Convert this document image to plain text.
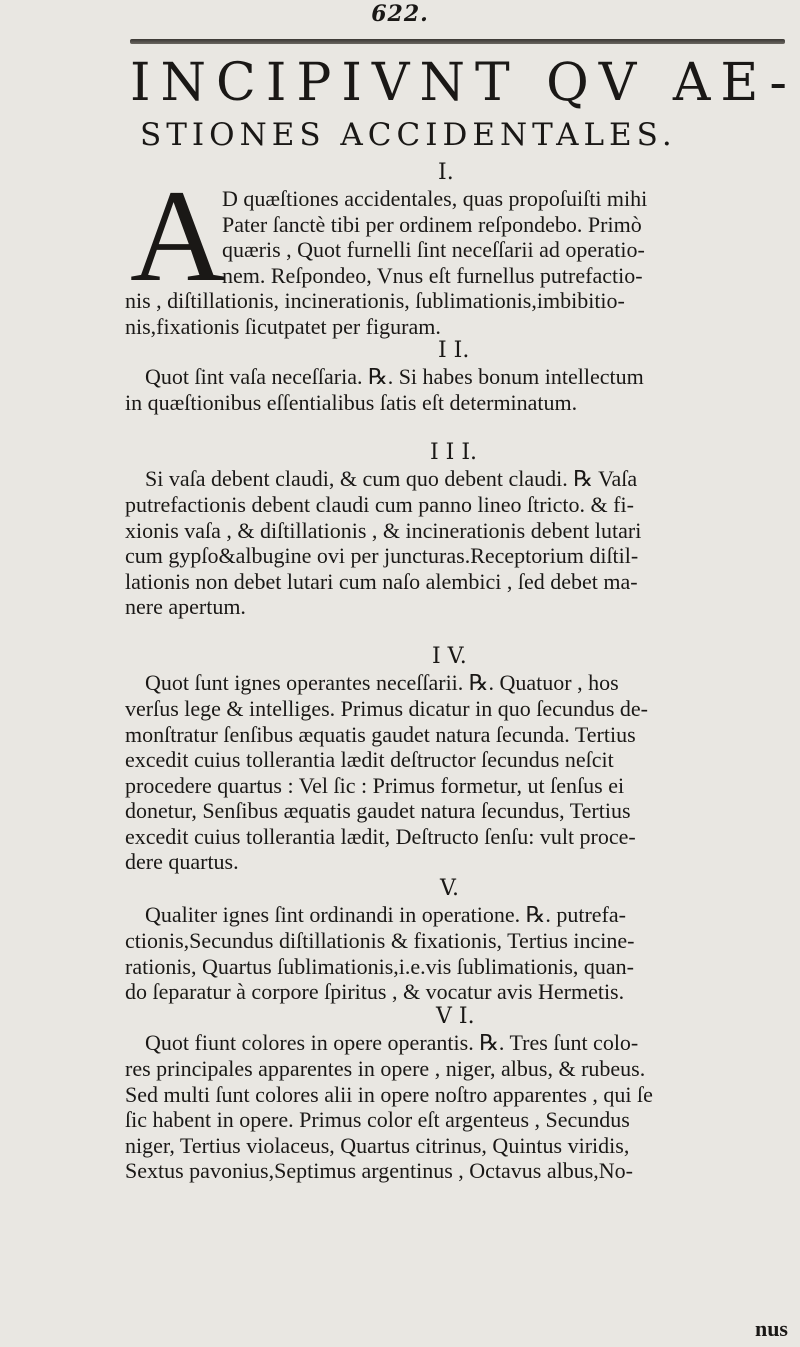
622.
INCIPIVNT QV AE-
STIONES ACCIDENTALES.
I.
A
D quæſtiones accidentales, quas propoſuiſti mihi
Pater ſanctè tibi per ordinem reſpondebo. Primò
quæris , Quot furnelli ſint neceſſarii ad operatio-
nem. Reſpondeo, Vnus eſt furnellus putrefactio-
nis , diſtillationis, incinerationis, ſublimationis,imbibitio-
nis,fixationis ſicutpatet per figuram.
I I.
Quot ſint vaſa neceſſaria. ℞. Si habes bonum intellectum
in quæſtionibus eſſentialibus ſatis eſt determinatum.
I I I.
Si vaſa debent claudi, & cum quo debent claudi. ℞ Vaſa
putrefactionis debent claudi cum panno lineo ſtricto. & fi-
xionis vaſa , & diſtillationis , & incinerationis debent lutari
cum gypſo&albugine ovi per juncturas.Receptorium diſtil-
lationis non debet lutari cum naſo alembici , ſed debet ma-
nere apertum.
I V.
Quot ſunt ignes operantes neceſſarii. ℞. Quatuor , hos
verſus lege & intelliges. Primus dicatur in quo ſecundus de-
monſtratur ſenſibus æquatis gaudet natura ſecunda. Tertius
excedit cuius tollerantia lædit deſtructor ſecundus neſcit
procedere quartus : Vel ſic : Primus formetur, ut ſenſus ei
donetur, Senſibus æquatis gaudet natura ſecundus, Tertius
excedit cuius tollerantia lædit, Deſtructo ſenſu: vult proce-
dere quartus.
V.
Qualiter ignes ſint ordinandi in operatione. ℞. putrefa-
ctionis,Secundus diſtillationis & fixationis, Tertius incine-
rationis, Quartus ſublimationis,i.e.vis ſublimationis, quan-
do ſeparatur à corpore ſpiritus , & vocatur avis Hermetis.
V I.
Quot fiunt colores in opere operantis. ℞. Tres ſunt colo-
res principales apparentes in opere , niger, albus, & rubeus.
Sed multi ſunt colores alii in opere noſtro apparentes , qui ſe
ſic habent in opere. Primus color eſt argenteus , Secundus
niger, Tertius violaceus, Quartus citrinus, Quintus viridis,
Sextus pavonius,Septimus argentinus , Octavus albus,No-
nus
